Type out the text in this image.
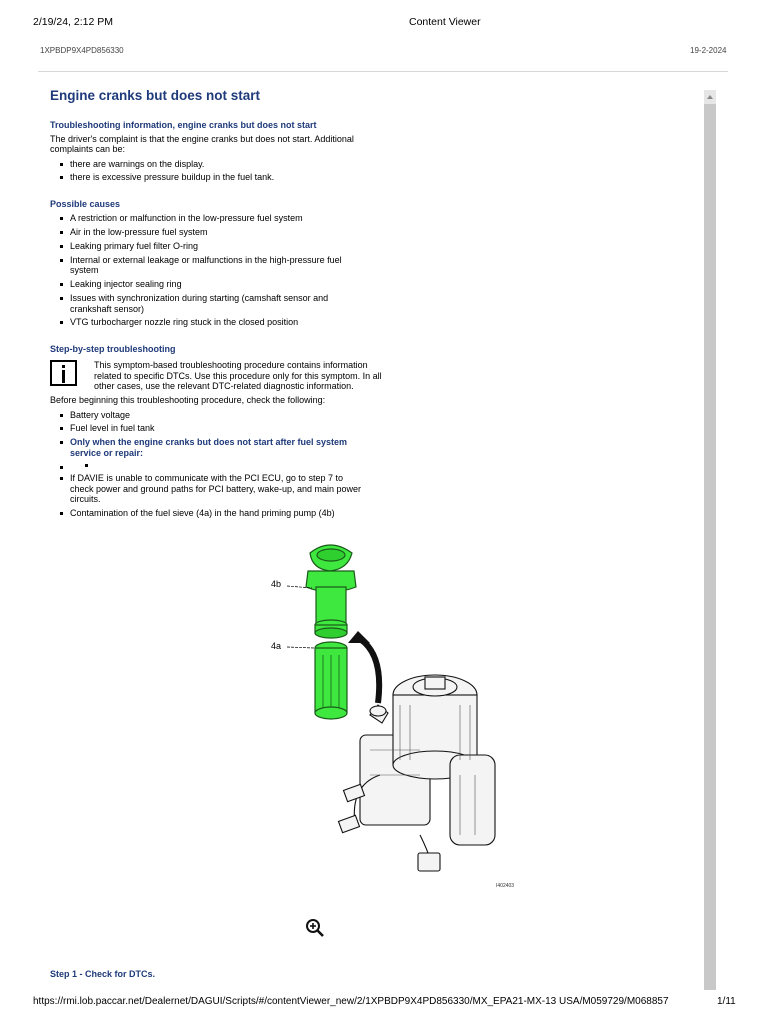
2/19/24, 2:12 PM	Content Viewer
1XPBDP9X4PD856330	19-2-2024
Engine cranks but does not start
Troubleshooting information, engine cranks but does not start

The driver's complaint is that the engine cranks but does not start. Additional complaints can be:

there are warnings on the display.
there is excessive pressure buildup in the fuel tank.
Possible causes
A restriction or malfunction in the low-pressure fuel system
Air in the low-pressure fuel system
Leaking primary fuel filter O-ring
Internal or external leakage or malfunctions in the high-pressure fuel system
Leaking injector sealing ring
Issues with synchronization during starting (camshaft sensor and crankshaft sensor)
VTG turbocharger nozzle ring stuck in the closed position
Step-by-step troubleshooting
This symptom-based troubleshooting procedure contains information related to specific DTCs. Use this procedure only for this symptom. In all other cases, use the relevant DTC-related diagnostic information.

Before beginning this troubleshooting procedure, check the following:

Battery voltage
Fuel level in fuel tank
Only when the engine cranks but does not start after fuel system service or repair:
If DAVIE is unable to communicate with the PCI ECU, go to step 7 to check power and ground paths for PCI battery, wake-up, and main power circuits.
Contamination of the fuel sieve (4a) in the hand priming pump (4b)
4b
4a
I402403
Step 1 - Check for DTCs.
https://rmi.lob.paccar.net/Dealernet/DAGUI/Scripts/#/contentViewer_new/2/1XPBDP9X4PD856330/MX_EPA21-MX-13 USA/M059729/M068857	1/11
